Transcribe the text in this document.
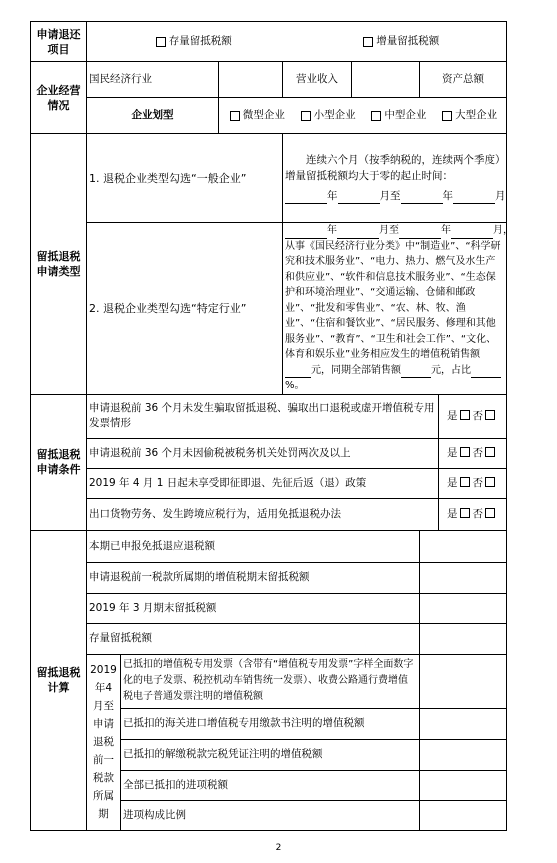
申请退还项目	存量留抵税额 增量留抵税额						

企业经营情况	国民经济行业			营业收入		资产总额	
	企业划型		微型企业 小型企业 中型企业 大型企业				

留抵退税申请类型	1. 退税企业类型勾选“一般企业”			连续六个月（按季纳税的，连续两个季度）增量留抵税额均大于零的起止时间：
年 月至 年 月			

	2. 退税企业类型勾选“特定行业”			年 月至 年 月，
从事《国民经济行业分类》中“制造业”、“科学研究和技术服务业”、“电力、热力、燃气及水生产和供应业”、“软件和信息技术服务业”、“生态保护和环境治理业”、“交通运输、仓储和邮政业”、“批发和零售业”、“农、林、牧、渔业”、“住宿和餐饮业”、“居民服务、修理和其他服务业”、“教育”、“卫生和社会工作”、“文化、体育和娱乐业”业务相应发生的增值税销售额元，同期全部销售额 元，占比%。			

留抵退税申请条件	申请退税前 36 个月未发生骗取留抵退税、骗取出口退税或虚开增值税专用发票情形						是 否
	申请退税前 36 个月未因偷税被税务机关处罚两次及以上						是 否
	2019 年 4 月 1 日起未享受即征即退、先征后返（退）政策						是 否
	出口货物劳务、发生跨境应税行为，适用免抵退税办法						是 否
留抵退税计算	本期已申报免抵退应退税额						
	申请退税前一税款所属期的增值税期末留抵税额						
	2019 年 3 月期末留抵税额						
	存量留抵税额						
	2019年4月至申请退税前一税款所属期	已抵扣的增值税专用发票（含带有“增值税专用发票”字样全面数字化的电子发票、税控机动车销售统一发票）、收费公路通行费增值税电子普通发票注明的增值税额					
		已抵扣的海关进口增值税专用缴款书注明的增值税额					
		已抵扣的解缴税款完税凭证注明的增值税额					
		全部已抵扣的进项税额					
		进项构成比例					
2
